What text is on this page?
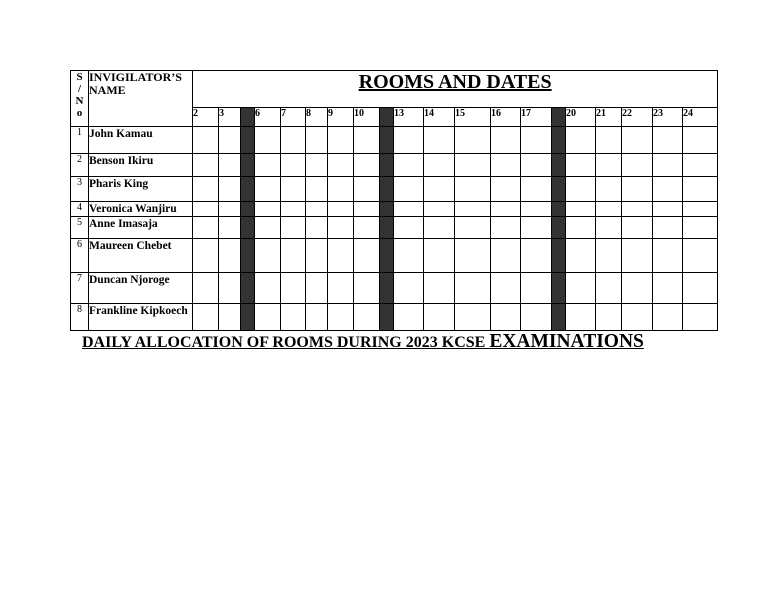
S
/
N
o	INVIGILATOR’S NAME	ROOMS AND DATES																			
		2	3		6	7	8	9	10		13	14	15	16	17		20	21	22	23	24
1	John Kamau																				
2	Benson Ikiru																				
3	Pharis King																				
4	Veronica Wanjiru																				
5	Anne Imasaja																				
6	Maureen Chebet																				
7	Duncan Njoroge																				
8	Frankline Kipkoech																				
DAILY ALLOCATION OF ROOMS DURING 2023 KCSE EXAMINATIONS
